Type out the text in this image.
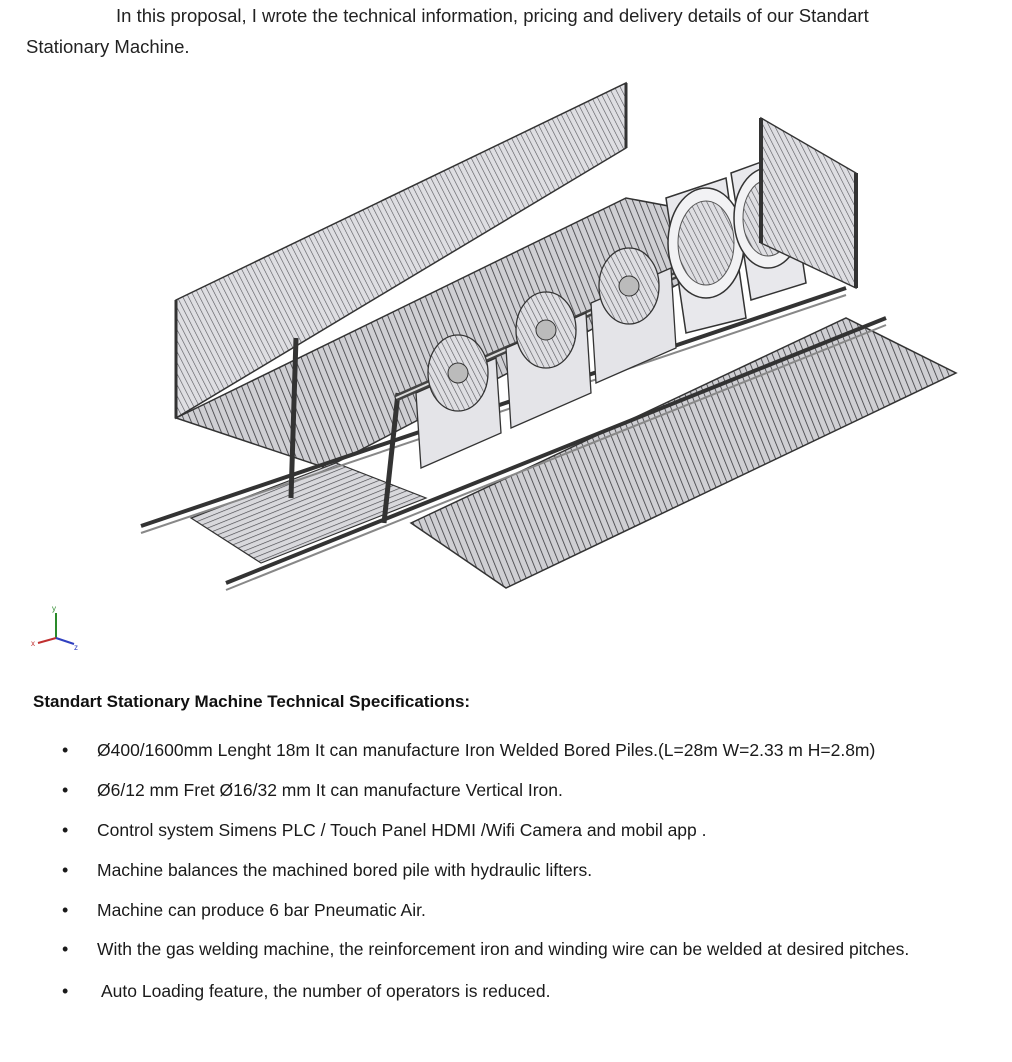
In this proposal, I wrote the technical information, pricing and delivery details of our Standart
Stationary Machine.
y
x	z
Standart Stationary Machine Technical Specifications:
• Ø400/1600mm Lenght 18m It can manufacture Iron Welded Bored Piles.(L=28m W=2.33 m H=2.8m)
• Ø6/12 mm Fret Ø16/32 mm It can manufacture Vertical Iron.
• Control system Simens PLC / Touch Panel HDMI /Wifi Camera and mobil app .
• Machine balances the machined bored pile with hydraulic lifters.
• Machine can produce 6 bar Pneumatic Air.
• With the gas welding machine, the reinforcement iron and winding wire can be welded at desired pitches.
• Auto Loading feature, the number of operators is reduced.
